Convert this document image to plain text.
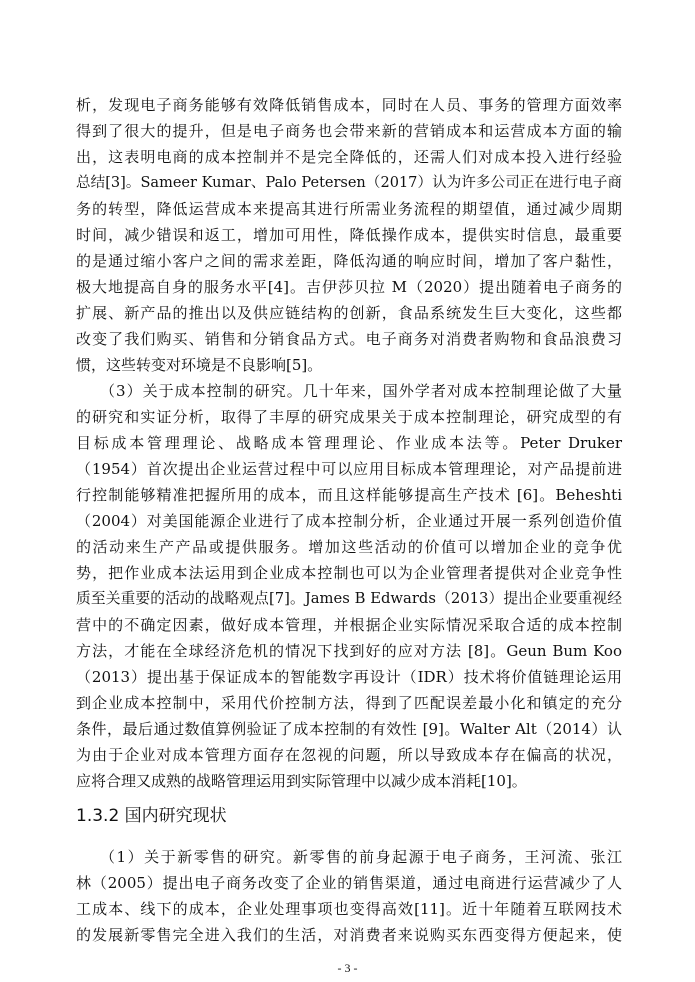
析，发现电子商务能够有效降低销售成本，同时在人员、事务的管理方面效率
得到了很大的提升，但是电子商务也会带来新的营销成本和运营成本方面的输
出，这表明电商的成本控制并不是完全降低的，还需人们对成本投入进行经验
总结[3]。Sameer Kumar、Palo Petersen（2017）认为许多公司正在进行电子商
务的转型，降低运营成本来提高其进行所需业务流程的期望值，通过减少周期
时间，减少错误和返工，增加可用性，降低操作成本，提供实时信息，最重要
的是通过缩小客户之间的需求差距，降低沟通的响应时间，增加了客户黏性，
极大地提高自身的服务水平[4]。吉伊莎贝拉 M（2020）提出随着电子商务的
扩展、新产品的推出以及供应链结构的创新，食品系统发生巨大变化，这些都
改变了我们购买、销售和分销食品方式。电子商务对消费者购物和食品浪费习
惯，这些转变对环境是不良影响[5]。
（3）关于成本控制的研究。几十年来，国外学者对成本控制理论做了大量
的研究和实证分析，取得了丰厚的研究成果关于成本控制理论，研究成型的有
目标成本管理理论、战略成本管理理论、作业成本法等。Peter Druker
（1954）首次提出企业运营过程中可以应用目标成本管理理论，对产品提前进
行控制能够精准把握所用的成本，而且这样能够提高生产技术 [6]。Beheshti
（2004）对美国能源企业进行了成本控制分析，企业通过开展一系列创造价值
的活动来生产产品或提供服务。增加这些活动的价值可以增加企业的竞争优
势，把作业成本法运用到企业成本控制也可以为企业管理者提供对企业竞争性
质至关重要的活动的战略观点[7]。James B Edwards（2013）提出企业要重视经
营中的不确定因素，做好成本管理，并根据企业实际情况采取合适的成本控制
方法，才能在全球经济危机的情况下找到好的应对方法 [8]。Geun Bum Koo
（2013）提出基于保证成本的智能数字再设计（IDR）技术将价值链理论运用
到企业成本控制中，采用代价控制方法，得到了匹配误差最小化和镇定的充分
条件，最后通过数值算例验证了成本控制的有效性 [9]。Walter Alt（2014）认
为由于企业对成本管理方面存在忽视的问题，所以导致成本存在偏高的状况，
应将合理又成熟的战略管理运用到实际管理中以减少成本消耗[10]。
1.3.2 国内研究现状
（1）关于新零售的研究。新零售的前身起源于电子商务，王河流、张江
林（2005）提出电子商务改变了企业的销售渠道，通过电商进行运营减少了人
工成本、线下的成本，企业处理事项也变得高效[11]。近十年随着互联网技术
的发展新零售完全进入我们的生活，对消费者来说购买东西变得方便起来，使
- 3 -
